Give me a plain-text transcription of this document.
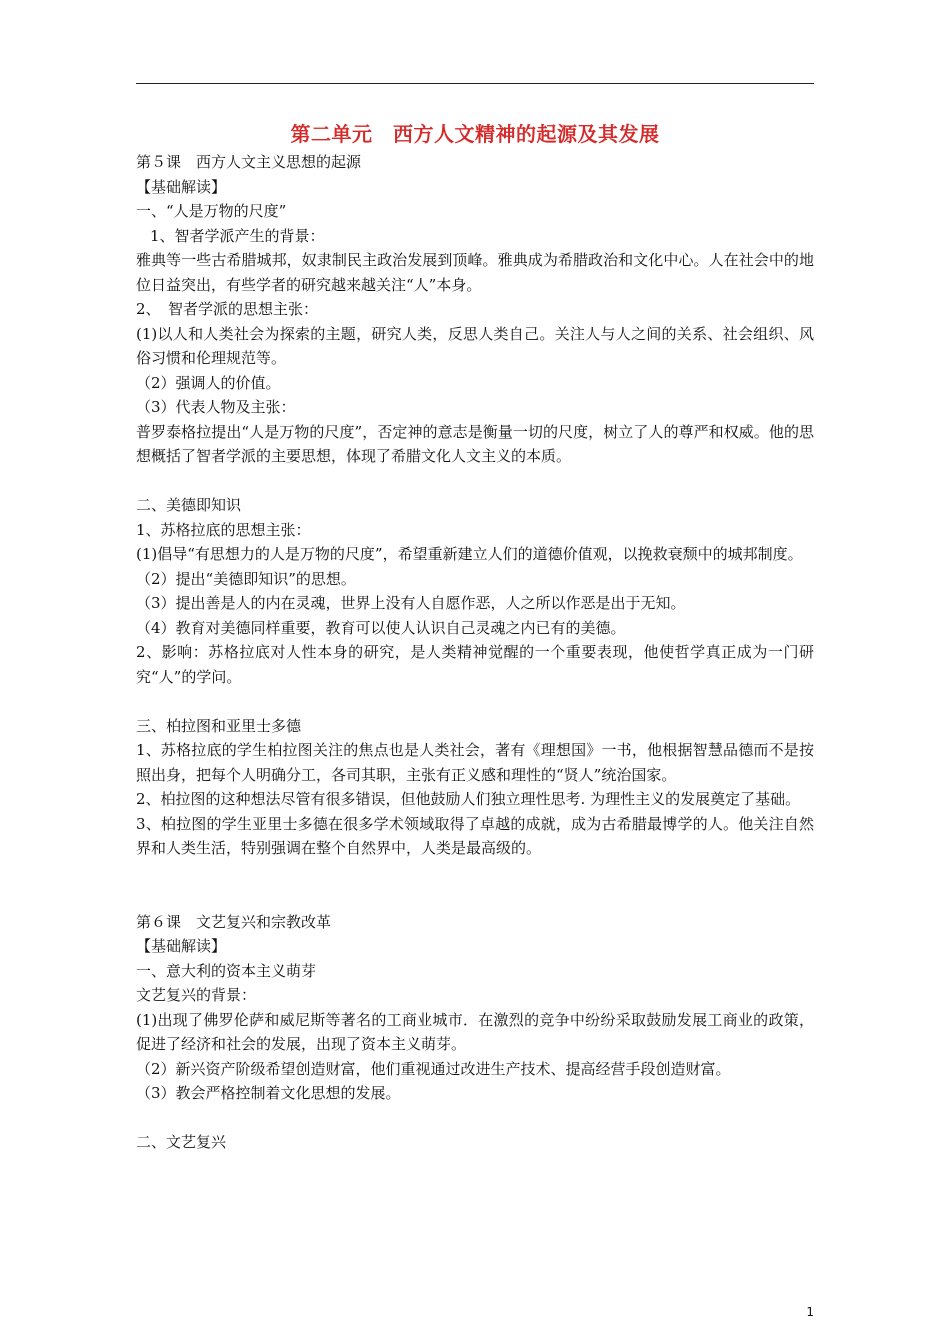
第二单元　西方人文精神的起源及其发展

第５课　西方人文主义思想的起源

【基础解读】

一、“人是万物的尺度”

1、智者学派产生的背景：

雅典等一些古希腊城邦，奴隶制民主政治发展到顶峰。雅典成为希腊政治和文化中心。人在社会中的地位日益突出，有些学者的研究越来越关注“人”本身。

2、　智者学派的思想主张：

(1)以人和人类社会为探索的主题，研究人类，反思人类自己。关注人与人之间的关系、社会组织、风俗习惯和伦理规范等。

（2）强调人的价值。

（3）代表人物及主张：

普罗泰格拉提出“人是万物的尺度”，否定神的意志是衡量一切的尺度，树立了人的尊严和权威。他的思想概括了智者学派的主要思想，体现了希腊文化人文主义的本质。

二、美德即知识

1、苏格拉底的思想主张：

(1)倡导“有思想力的人是万物的尺度”，希望重新建立人们的道德价值观，以挽救衰颓中的城邦制度。

（2）提出“美德即知识”的思想。

（3）提出善是人的内在灵魂，世界上没有人自愿作恶，人之所以作恶是出于无知。

（4）教育对美德同样重要，教育可以使人认识自己灵魂之内已有的美德。

2、影响：苏格拉底对人性本身的研究，是人类精神觉醒的一个重要表现，他使哲学真正成为一门研究“人”的学问。

三、柏拉图和亚里士多德

1、苏格拉底的学生柏拉图关注的焦点也是人类社会，著有《理想国》一书，他根据智慧品德而不是按照出身，把每个人明确分工，各司其职，主张有正义感和理性的“贤人”统治国家。

2、柏拉图的这种想法尽管有很多错误，但他鼓励人们独立理性思考. 为理性主义的发展奠定了基础。

3、柏拉图的学生亚里士多德在很多学术领域取得了卓越的成就，成为古希腊最博学的人。他关注自然界和人类生活，特别强调在整个自然界中，人类是最高级的。

第６课　文艺复兴和宗教改革

【基础解读】

一、意大利的资本主义萌芽

文艺复兴的背景：

(1)出现了佛罗伦萨和威尼斯等著名的工商业城市．在激烈的竞争中纷纷采取鼓励发展工商业的政策，促进了经济和社会的发展，出现了资本主义萌芽。

（2）新兴资产阶级希望创造财富，他们重视通过改进生产技术、提高经营手段创造财富。

（3）教会严格控制着文化思想的发展。

二、文艺复兴

1
